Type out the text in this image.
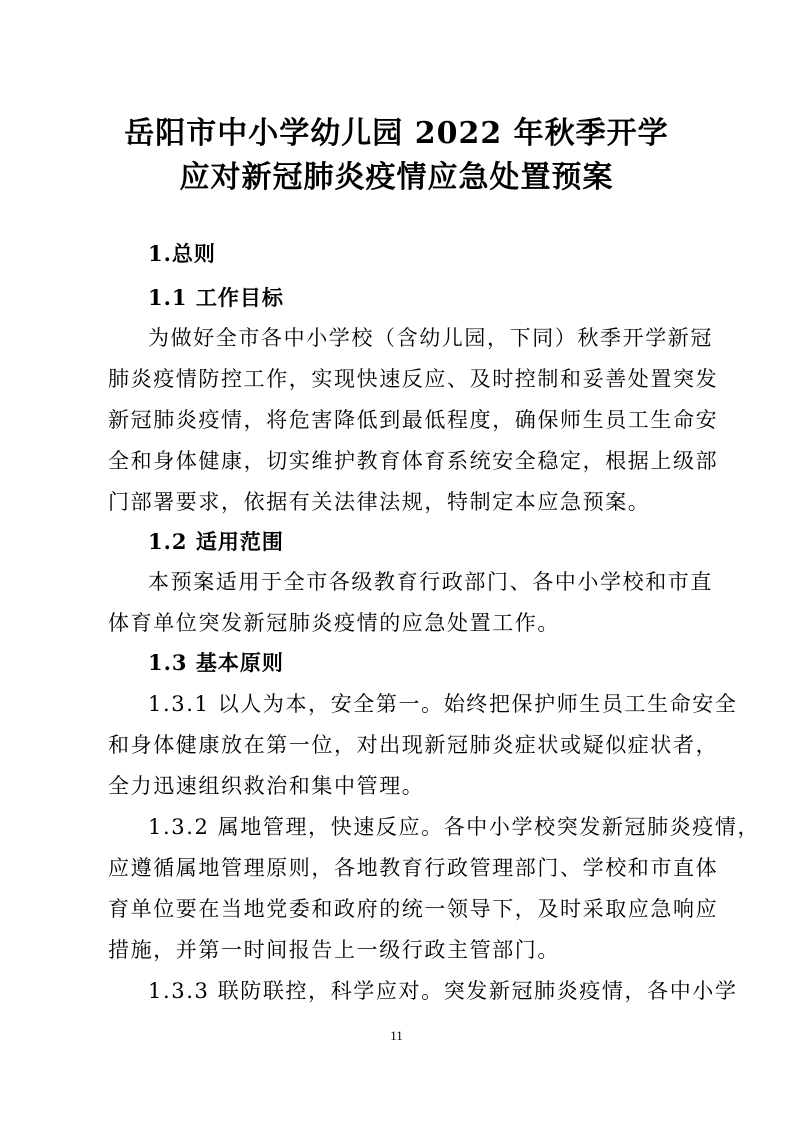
岳阳市中小学幼儿园 2022 年秋季开学
应对新冠肺炎疫情应急处置预案
1.总则
1.1 工作目标
为做好全市各中小学校（含幼儿园，下同）秋季开学新冠
肺炎疫情防控工作，实现快速反应、及时控制和妥善处置突发
新冠肺炎疫情，将危害降低到最低程度，确保师生员工生命安
全和身体健康，切实维护教育体育系统安全稳定，根据上级部
门部署要求，依据有关法律法规，特制定本应急预案。
1.2 适用范围
本预案适用于全市各级教育行政部门、各中小学校和市直
体育单位突发新冠肺炎疫情的应急处置工作。
1.3 基本原则
1.3.1 以人为本，安全第一。始终把保护师生员工生命安全
和身体健康放在第一位，对出现新冠肺炎症状或疑似症状者，
全力迅速组织救治和集中管理。
1.3.2 属地管理，快速反应。各中小学校突发新冠肺炎疫情，
应遵循属地管理原则，各地教育行政管理部门、学校和市直体
育单位要在当地党委和政府的统一领导下，及时采取应急响应
措施，并第一时间报告上一级行政主管部门。
1.3.3 联防联控，科学应对。突发新冠肺炎疫情，各中小学
11
